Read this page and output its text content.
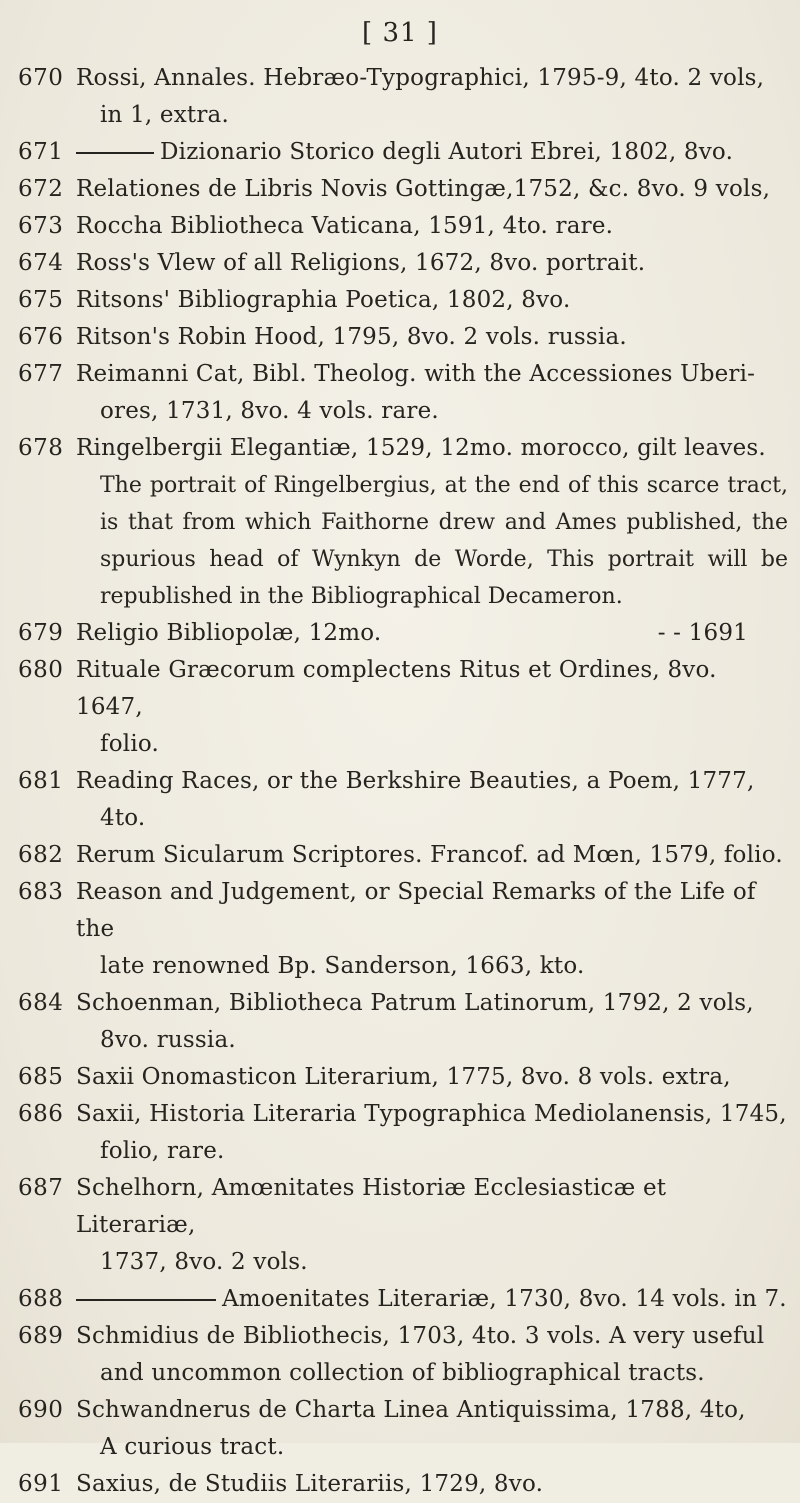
[ 31 ]
670 Rossi, Annales. Hebræo-Typographici, 1795-9, 4to. 2 vols,
in 1, extra.
671	Dizionario Storico degli Autori Ebrei, 1802, 8vo.
672 Relationes de Libris Novis Gottingæ,1752, &c. 8vo. 9 vols,
673 Roccha Bibliotheca Vaticana, 1591, 4to. rare.
674 Ross's Vlew of all Religions, 1672, 8vo. portrait.
675 Ritsons' Bibliographia Poetica, 1802, 8vo.
676 Ritson's Robin Hood, 1795, 8vo. 2 vols. russia.
677 Reimanni Cat, Bibl. Theolog. with the Accessiones Uberi-
ores, 1731, 8vo. 4 vols. rare.
678 Ringelbergii Elegantiæ, 1529, 12mo. morocco, gilt leaves.
The portrait of Ringelbergius, at the end of this scarce tract, is that from which Faithorne drew and Ames published, the spurious head of Wynkyn de Worde, This portrait will be republished in the Bibliographical Decameron.
679 Religio Bibliopolæ, 12mo.	- - 1691
680 Rituale Græcorum complectens Ritus et Ordines, 8vo. 1647,
folio.
681 Reading Races, or the Berkshire Beauties, a Poem, 1777,
4to.
682 Rerum Sicularum Scriptores. Francof. ad Mœn, 1579, folio.
683 Reason and Judgement, or Special Remarks of the Life of the
late renowned Bp. Sanderson, 1663, kto.
684 Schoenman, Bibliotheca Patrum Latinorum, 1792, 2 vols,
8vo. russia.
685 Saxii Onomasticon Literarium, 1775, 8vo. 8 vols. extra,
686 Saxii, Historia Literaria Typographica Mediolanensis, 1745,
folio, rare.
687 Schelhorn, Amœnitates Historiæ Ecclesiasticæ et Literariæ,
1737, 8vo. 2 vols.
688	Amoenitates Literariæ, 1730, 8vo. 14 vols. in 7.
689 Schmidius de Bibliothecis, 1703, 4to. 3 vols. A very useful
and uncommon collection of bibliographical tracts.
690 Schwandnerus de Charta Linea Antiquissima, 1788, 4to,
A curious tract.
691 Saxius, de Studiis Literariis, 1729, 8vo.
